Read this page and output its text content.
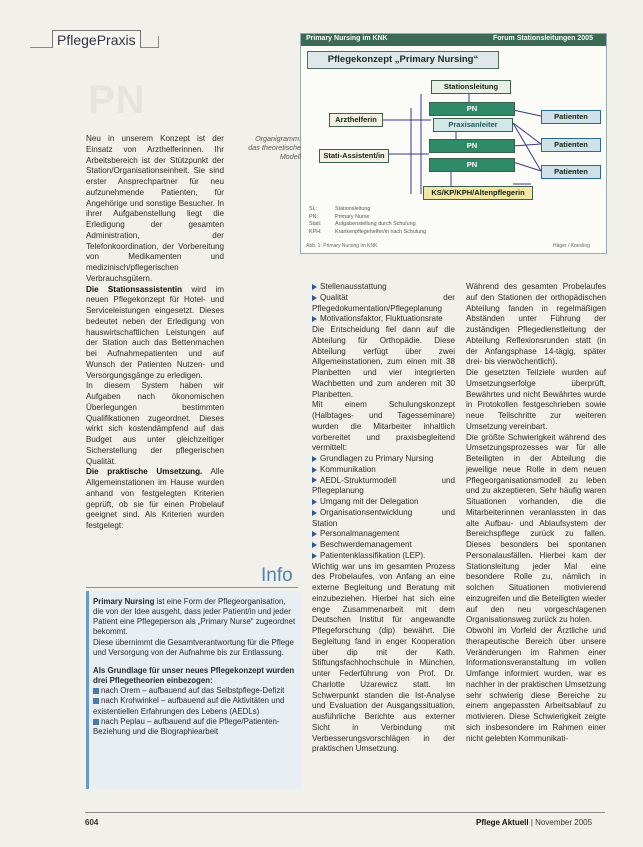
PflegePraxis
PN
Primary Nursing im KNK	Forum Stationsleitungen 2005
Pflegekonzept „Primary Nursing“
Stationsleitung
Arzthelferin
PN
Praxisanleiter
PN
Stati-Assistent/in
PN
Patienten
Patienten
Patienten
KS/KP/KPH/Altenpflegerin
SL:	Stationsleitung
PN:	Primary Nurse
Stati:	Aufgabenstellung durch Schulung
KPH: Krankenpflegehelfer/in nach Schulung
Abb. 1: Primary Nursing im KNK	Häger / Koesling
Organigramm:
das theoretische
Modell

Neu in unserem Konzept ist der Einsatz von Arzthelferinnen. Ihr Arbeitsbereich ist der Stützpunkt der Station/Organisationseinheit. Sie sind erster Ansprechpartner für neu aufzunehmende Patienten, für Angehörige und sonstige Besucher. In ihrer Aufgabenstellung liegt die Erledigung der gesamten Administration, der Telefonkoordination, der Vorbereitung von Medikamenten und medizinisch/pflegerischen Verbrauchsgütern.

Die Stationsassistentin wird im neuen Pflegekonzept für Hotel- und Serviceleistungen eingesetzt. Dieses bedeutet neben der Erledigung von hauswirtschaftlichen Leistungen auf der Station auch das Bettenmachen bei Aufnahmepatienten und auf Wunsch der Patienten Nutzen- und Versorgungsgänge zu erledigen.

In diesem System haben wir Aufgaben nach ökonomischen Überlegungen bestimmten Qualifikationen zugeordnet. Dieses wirkt sich kostendämpfend auf das Budget aus unter gleichzeitiger Sicherstellung der pflegerischen Qualität.

Die praktische Umsetzung. Alle Allgemeinstationen im Hause wurden anhand von festgelegten Kriterien geprüft, ob sie für einen Probelauf geeignet sind. Als Kriterien wurden festgelegt:

Info

Primary Nursing ist eine Form der Pflegeorganisation, die von der Idee ausgeht, dass jeder Patient/in und jeder Patient eine Pflegeperson als „Primary Nurse“ zugeordnet bekommt.

Diese übernimmt die Gesamtverantwortung für die Pflege und Versorgung von der Aufnahme bis zur Entlassung.

Als Grundlage für unser neues Pflegekonzept wurden drei Pflegetheorien einbezogen:

nach Orem – aufbauend auf das Selbstpflege-Defizit
nach Krohwinkel – aufbauend auf die Aktivitäten und existentiellen Erfahrungen des Lebens (AEDLs)
nach Peplau – aufbauend auf die Pflege/Patienten-Beziehung und die Biographiearbeit
Stellenausstattung
Qualität der Pflegedokumentation/Pflegeplanung
Motivationsfaktor, Fluktuationsrate

Die Entscheidung fiel dann auf die Abteilung für Orthopädie. Diese Abteilung verfügt über zwei Allgemeinstationen, zum einen mit 38 Planbetten und vier integrierten Wachbetten und zum anderen mit 30 Planbetten.

Mit einem Schulungskonzept (Halbtages- und Tagesseminare) wurden die Mitarbeiter inhaltlich vorbereitet und praxisbegleitend vermittelt:

Grundlagen zu Primary Nursing
Kommunikation
AEDL-Strukturmodell und Pflegeplanung
Umgang mit der Delegation
Organisationsentwicklung und Station
Personalmanagement
Beschwerdemanagement
Patientenklassifikation (LEP).

Wichtig war uns im gesamten Prozess des Probelaufes, von Anfang an eine externe Begleitung und Beratung mit einzubeziehen. Hierbei hat sich eine enge Zusammenarbeit mit dem Deutschen Institut für angewandte Pflegeforschung (dip) bewährt. Die Begleitung fand in enger Kooperation über dip mit der Kath. Stiftungsfachhochschule in München, unter Federführung von Prof. Dr. Charlotte Uzarewicz statt. Im Schwerpunkt standen die Ist-Analyse und Evaluation der Ausgangssituation, ausführliche Berichte aus externer Sicht in Verbindung mit Verbesserungsvorschlägen in der praktischen Umsetzung.

Während des gesamten Probelaufes auf den Stationen der orthopädischen Abteilung fanden in regelmäßigen Abständen unter Führung der zuständigen Pflegedienstleitung der Abteilung Reflexionsrunden statt (in der Anfangsphase 14-tägig, später drei- bis vierwöchentlich).

Die gesetzten Teilziele wurden auf Umsetzungserfolge überprüft, Bewährtes und nicht Bewährtes wurde in Protokollen festgeschrieben sowie neue Teilschritte zur weiteren Umsetzung vereinbart.

Die größte Schwierigkeit während des Umsetzungsprozesses war für alle Beteiligten in der Abteilung die jeweilige neue Rolle in dem neuen Pflegeorganisationsmodell zu leben und zu akzeptieren. Sehr häufig waren Situationen vorhanden, die die Mitarbeiterinnen veranlassten in das alte Aufbau- und Ablaufsystem der Bereichspflege zurück zu fallen. Dieses besonders bei spontanen Personalausfällen. Hierbei kam der Stationsleitung jeder Mal eine besondere Rolle zu, nämlich in solchen Situationen motivierend einzugreifen und die Beteiligten wieder auf den neu vorgeschlagenen Organisationsweg zurück zu holen.

Obwohl im Vorfeld der Ärztliche und therapeutische Bereich über unsere Veränderungen im Rahmen einer Informationsveranstaltung im vollen Umfange informiert wurden, war es nachher in der praktischen Umsetzung sehr schwierig diese Bereiche zu einem angepassten Arbeitsablauf zu motivieren. Diese Schwierigkeit zeigte sich insbesondere im Rahmen einer nicht gelebten Kommunikati-

604	Pflege Aktuell | November 2005
